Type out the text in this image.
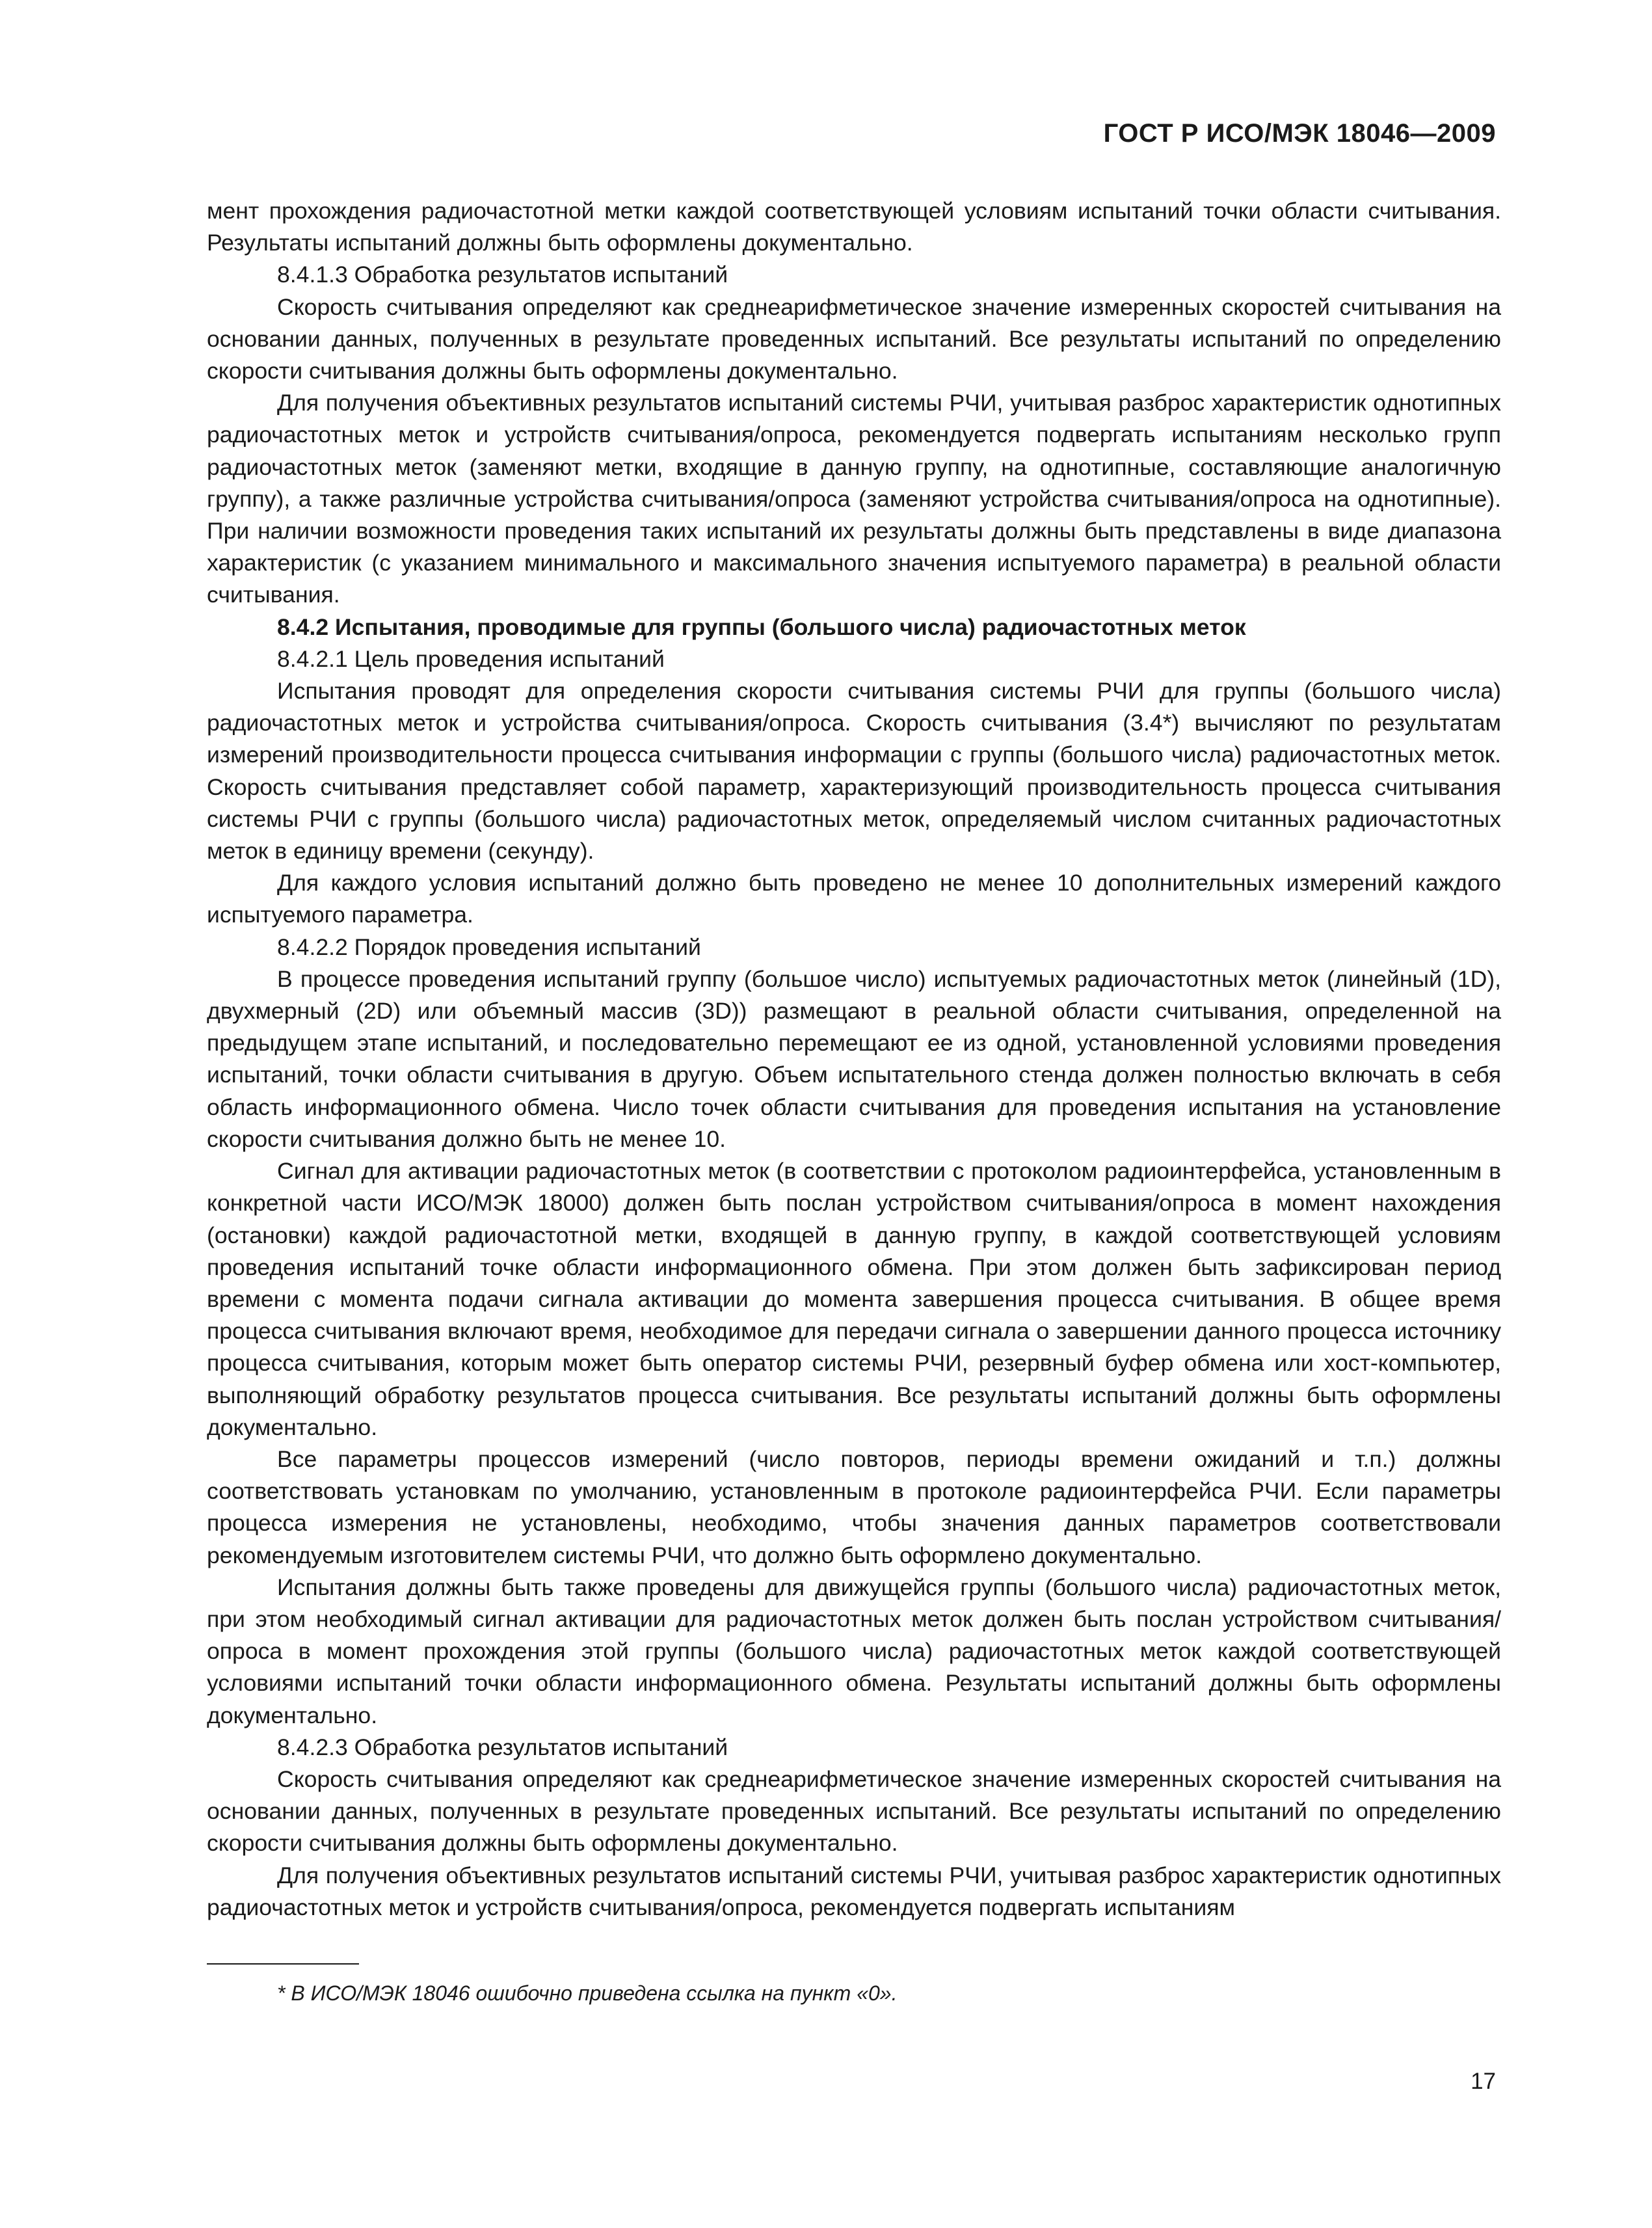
ГОСТ Р ИСО/МЭК 18046—2009

мент прохождения радиочастотной метки каждой соответствующей условиям испытаний точки области считывания. Результаты испытаний должны быть оформлены документально.

8.4.1.3 Обработка результатов испытаний

Скорость считывания определяют как среднеарифметическое значение измеренных скоростей считывания на основании данных, полученных в результате проведенных испытаний. Все результаты испытаний по определению скорости считывания должны быть оформлены документально.

Для получения объективных результатов испытаний системы РЧИ, учитывая разброс характеристик однотипных радиочастотных меток и устройств считывания/опроса, рекомендуется подвергать испытаниям несколько групп радиочастотных меток (заменяют метки, входящие в данную группу, на однотипные, составляющие аналогичную группу), а также различные устройства считывания/опроса (заменяют устройства считывания/опроса на однотипные). При наличии возможности проведения таких испытаний их результаты должны быть представлены в виде диапазона характеристик (с указанием минимального и максимального значения испытуемого параметра) в реальной области считывания.

8.4.2 Испытания, проводимые для группы (большого числа) радиочастотных меток

8.4.2.1 Цель проведения испытаний

Испытания проводят для определения скорости считывания системы РЧИ для группы (большого числа) радиочастотных меток и устройства считывания/опроса. Скорость считывания (3.4*) вычисляют по результатам измерений производительности процесса считывания информации с группы (большого числа) радиочастотных меток. Скорость считывания представляет собой параметр, характеризующий производительность процесса считывания системы РЧИ с группы (большого числа) радиочастотных меток, определяемый числом считанных радиочастотных меток в единицу времени (секунду).

Для каждого условия испытаний должно быть проведено не менее 10 дополнительных измерений каждого испытуемого параметра.

8.4.2.2 Порядок проведения испытаний

В процессе проведения испытаний группу (большое число) испытуемых радиочастотных меток (линейный (1D), двухмерный (2D) или объемный массив (3D)) размещают в реальной области считывания, определенной на предыдущем этапе испытаний, и последовательно перемещают ее из одной, установленной условиями проведения испытаний, точки области считывания в другую. Объем испытательного стенда должен полностью включать в себя область информационного обмена. Число точек области считывания для проведения испытания на установление скорости считывания должно быть не менее 10.

Сигнал для активации радиочастотных меток (в соответствии с протоколом радиоинтерфейса, установленным в конкретной части ИСО/МЭК 18000) должен быть послан устройством считывания/опроса в момент нахождения (остановки) каждой радиочастотной метки, входящей в данную группу, в каждой соответствующей условиям проведения испытаний точке области информационного обмена. При этом должен быть зафиксирован период времени с момента подачи сигнала активации до момента завершения процесса считывания. В общее время процесса считывания включают время, необходимое для передачи сигнала о завершении данного процесса источнику процесса считывания, которым может быть оператор системы РЧИ, резервный буфер обмена или хост-компьютер, выполняющий обработку результатов процесса считывания. Все результаты испытаний должны быть оформлены документально.

Все параметры процессов измерений (число повторов, периоды времени ожиданий и т.п.) должны соответствовать установкам по умолчанию, установленным в протоколе радиоинтерфейса РЧИ. Если параметры процесса измерения не установлены, необходимо, чтобы значения данных параметров соответствовали рекомендуемым изготовителем системы РЧИ, что должно быть оформлено документально.

Испытания должны быть также проведены для движущейся группы (большого числа) радиочастотных меток, при этом необходимый сигнал активации для радиочастотных меток должен быть послан устройством считывания/опроса в момент прохождения этой группы (большого числа) радиочастотных меток каждой соответствующей условиями испытаний точки области информационного обмена. Результаты испытаний должны быть оформлены документально.

8.4.2.3 Обработка результатов испытаний

Скорость считывания определяют как среднеарифметическое значение измеренных скоростей считывания на основании данных, полученных в результате проведенных испытаний. Все результаты испытаний по определению скорости считывания должны быть оформлены документально.

Для получения объективных результатов испытаний системы РЧИ, учитывая разброс характеристик однотипных радиочастотных меток и устройств считывания/опроса, рекомендуется подвергать испытаниям

* В ИСО/МЭК 18046 ошибочно приведена ссылка на пункт «0».
17
